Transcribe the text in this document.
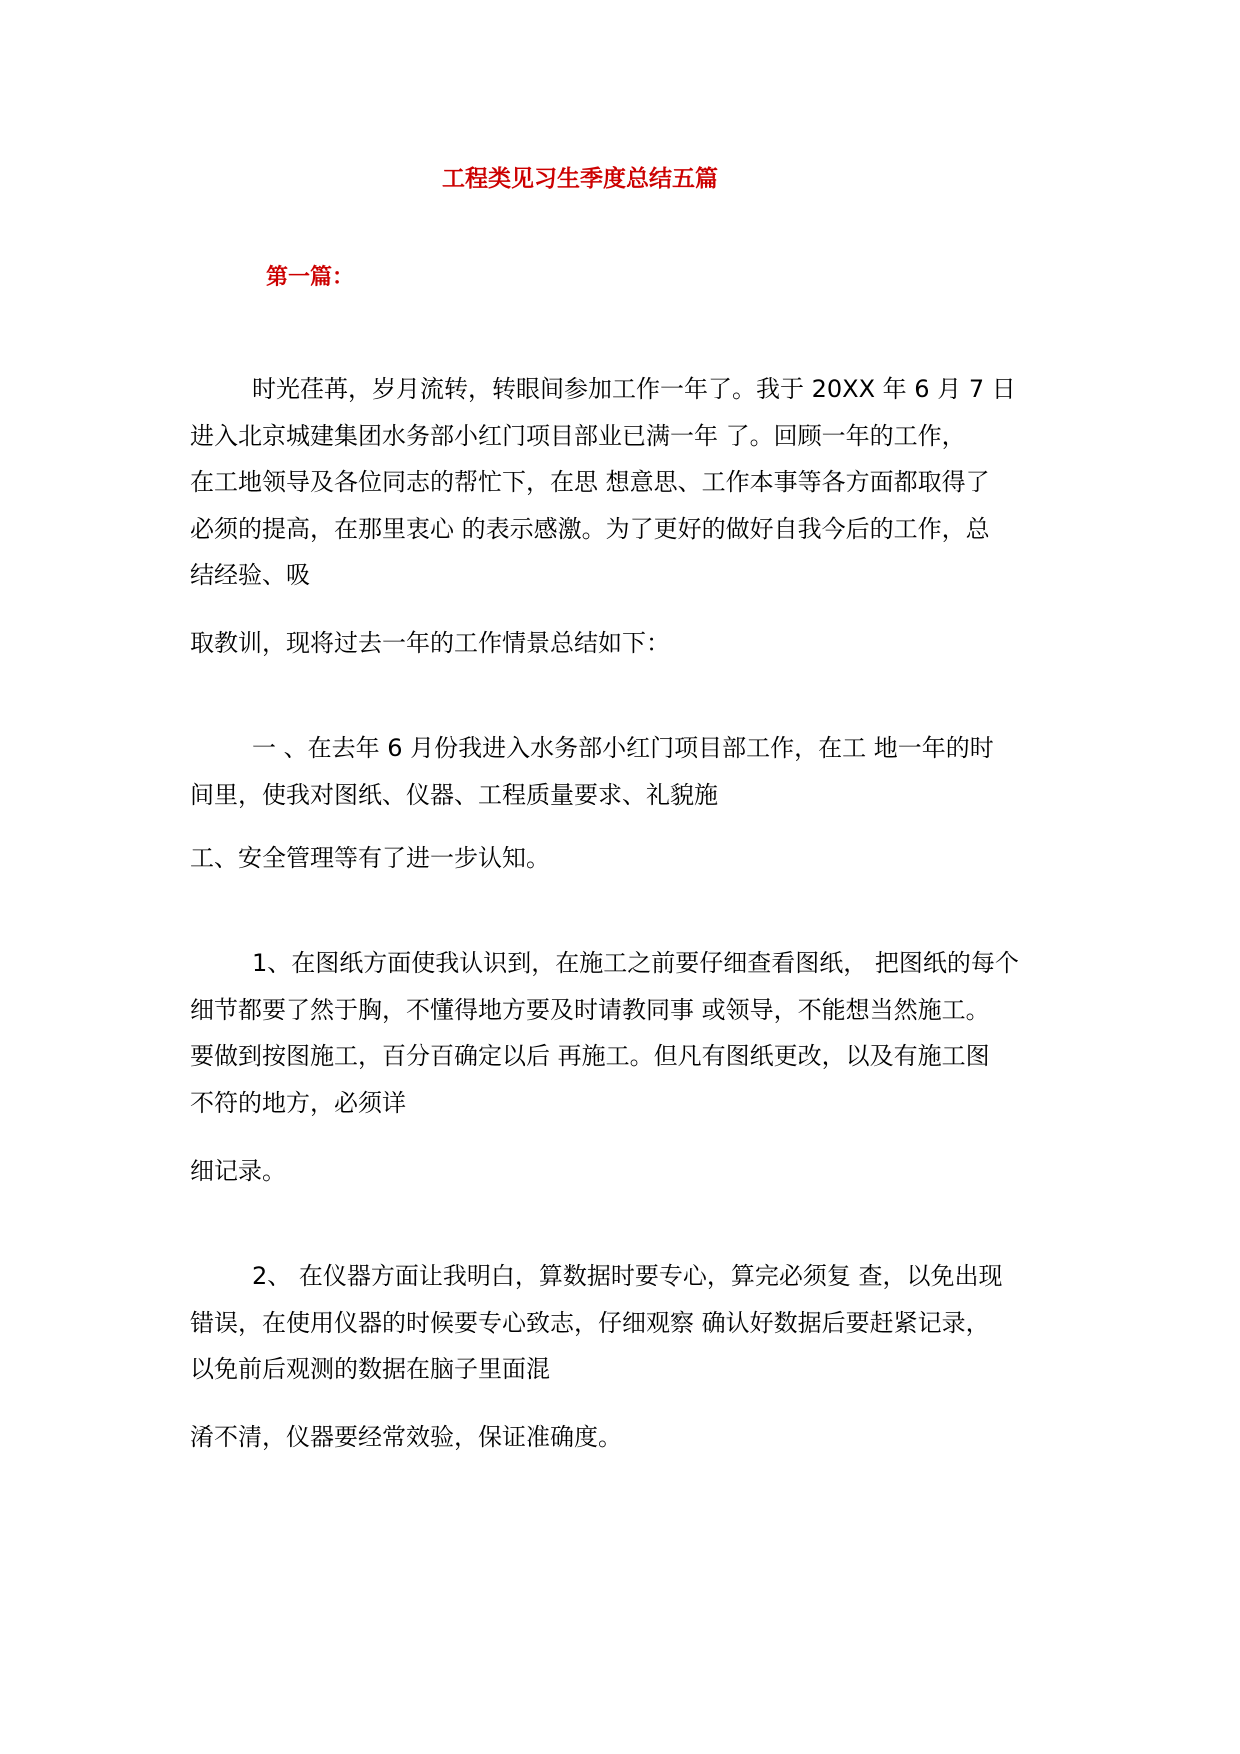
工程类见习生季度总结五篇
第一篇：

时光荏苒，岁月流转，转眼间参加工作一年了。我于 20XX 年 6 月 7 日
进入北京城建集团水务部小红门项目部业已满一年 了。回顾一年的工作，
在工地领导及各位同志的帮忙下，在思 想意思、工作本事等各方面都取得了
必须的提高，在那里衷心 的表示感激。为了更好的做好自我今后的工作，总
结经验、吸

取教训，现将过去一年的工作情景总结如下：

一 、在去年 6 月份我进入水务部小红门项目部工作，在工 地一年的时
间里，使我对图纸、仪器、工程质量要求、礼貌施

工、安全管理等有了进一步认知。

1、在图纸方面使我认识到，在施工之前要仔细查看图纸， 把图纸的每个
细节都要了然于胸，不懂得地方要及时请教同事 或领导，不能想当然施工。
要做到按图施工，百分百确定以后 再施工。但凡有图纸更改，以及有施工图
不符的地方，必须详

细记录。

2、 在仪器方面让我明白，算数据时要专心，算完必须复 查，以免出现
错误，在使用仪器的时候要专心致志，仔细观察 确认好数据后要赶紧记录，
以免前后观测的数据在脑子里面混

淆不清，仪器要经常效验，保证准确度。
